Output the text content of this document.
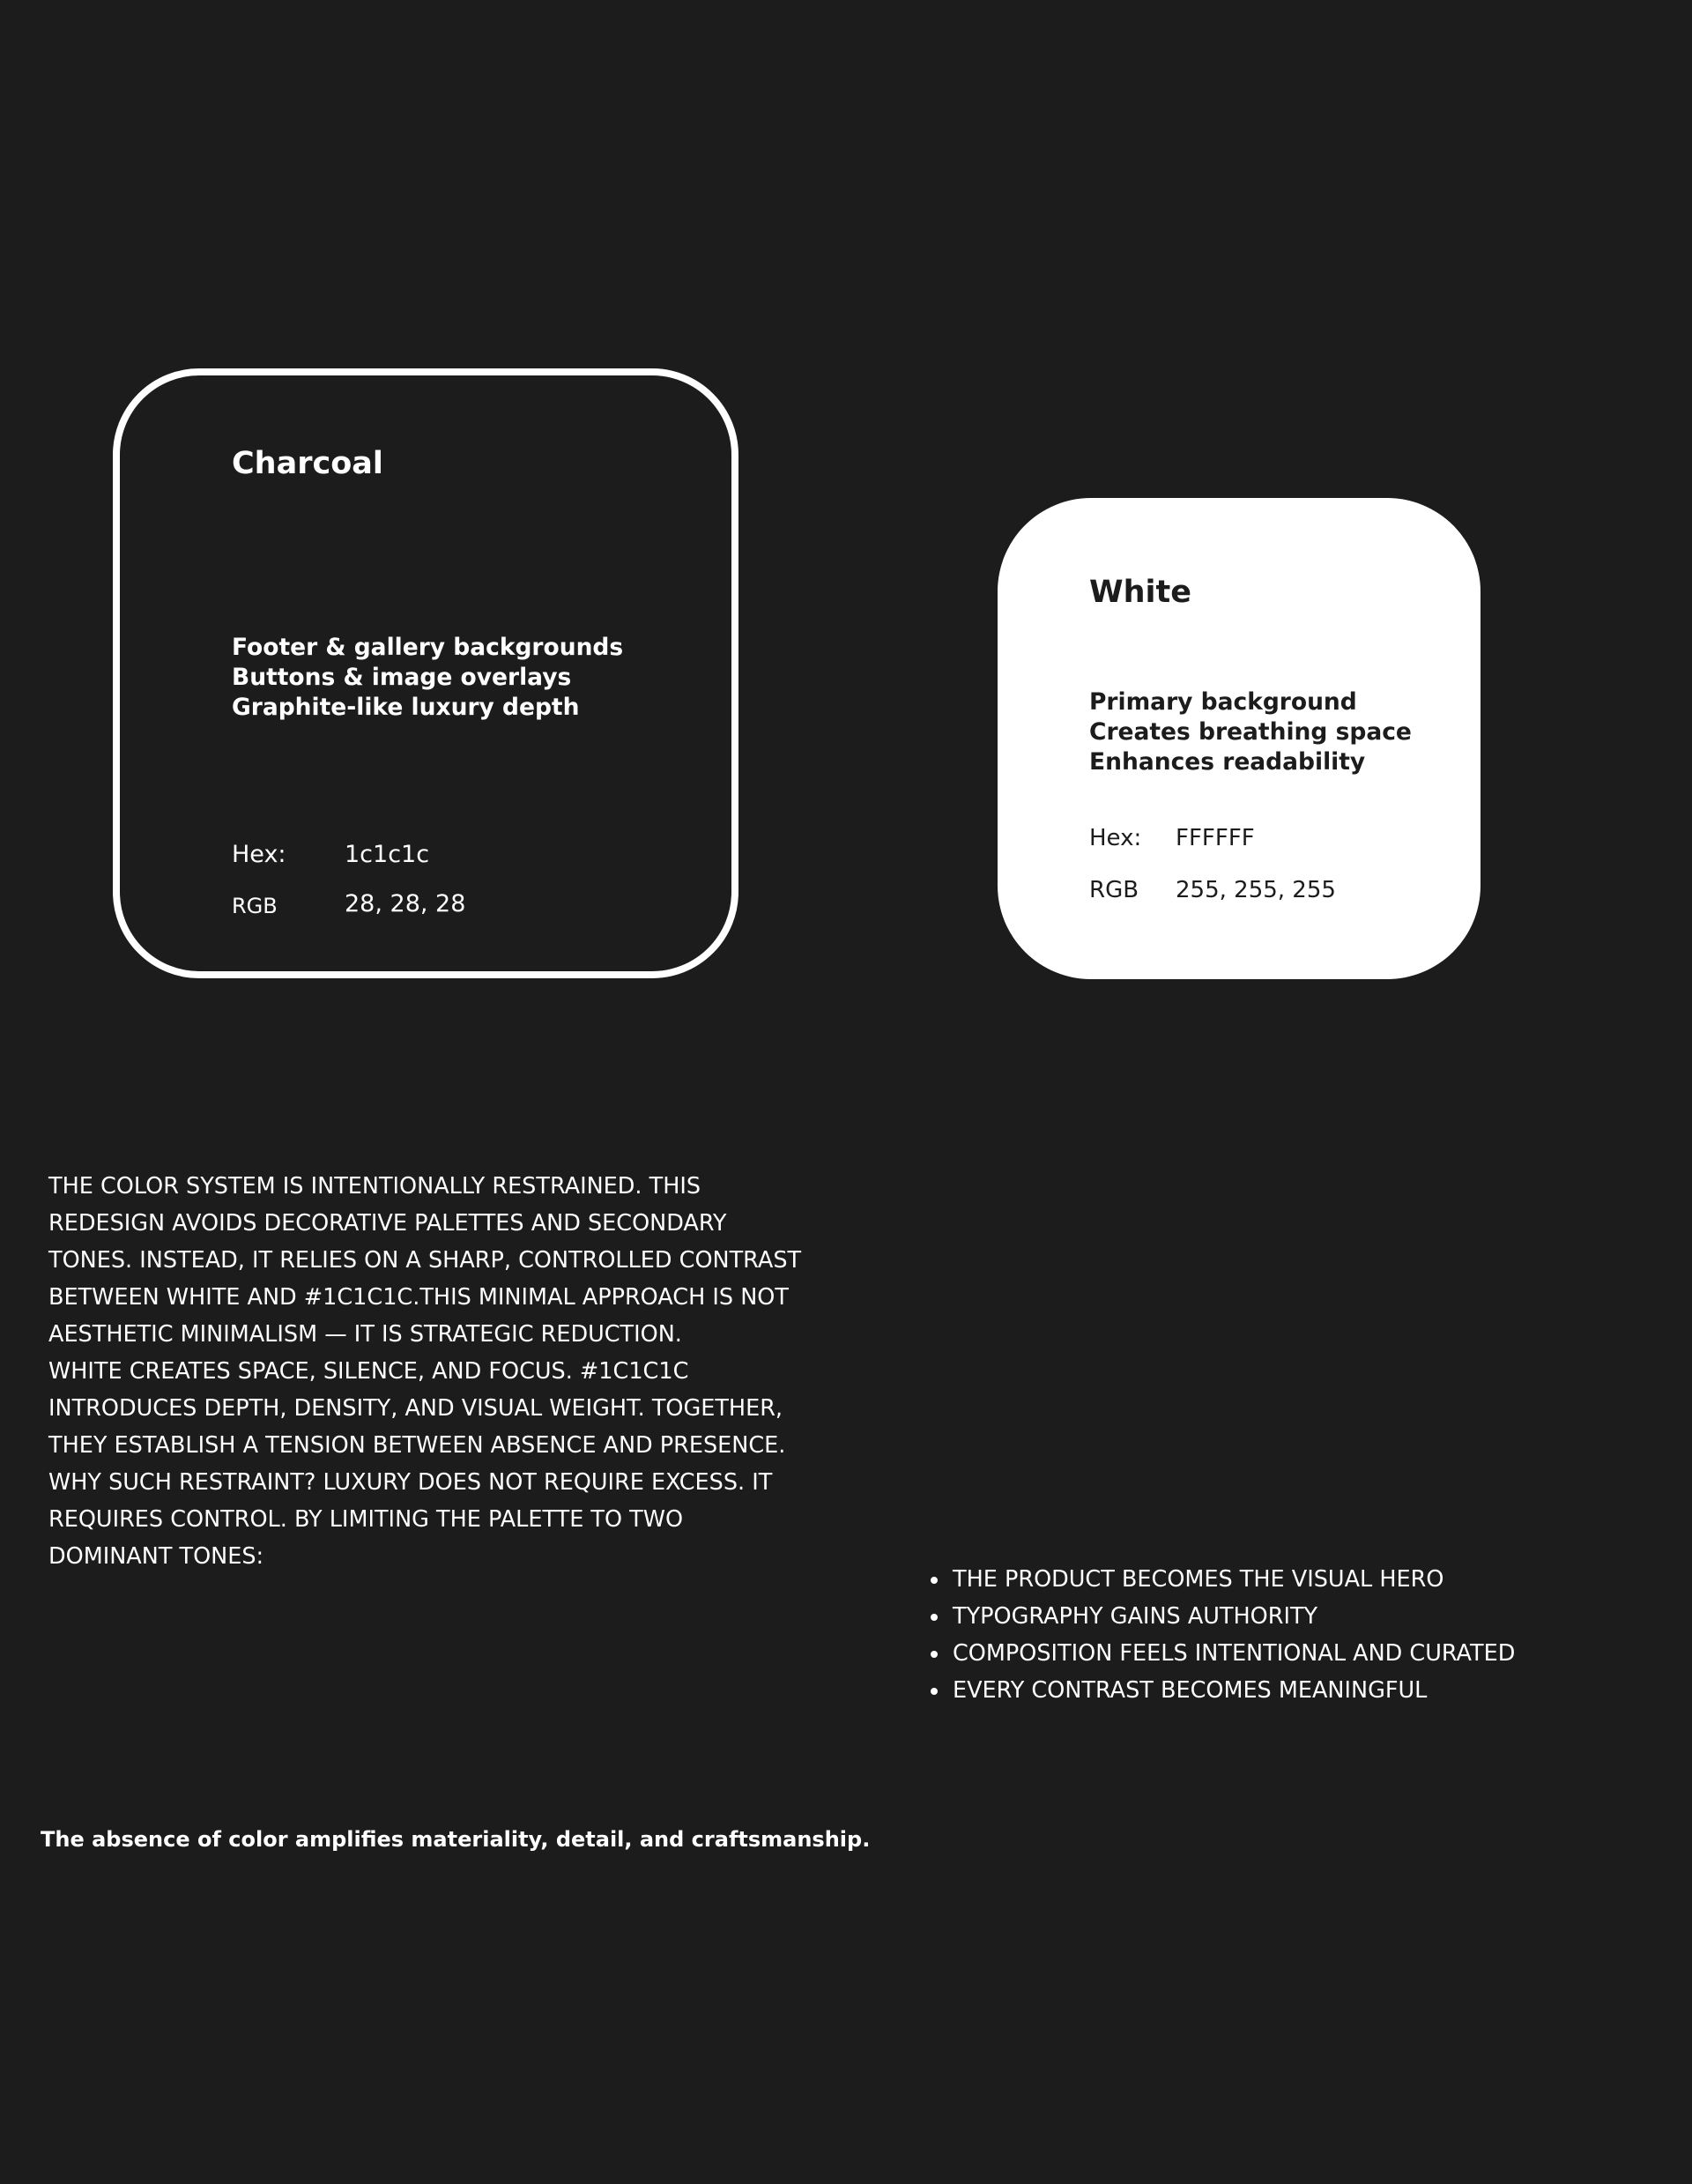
Charcoal
Footer & gallery backgrounds
Buttons & image overlays
Graphite-like luxury depth
Hex: 1c1c1c
RGB	28, 28, 28
White
Primary background
Creates breathing space
Enhances readability
Hex: FFFFFF
RGB 255, 255, 255
THE COLOR SYSTEM IS INTENTIONALLY RESTRAINED. THIS
REDESIGN AVOIDS DECORATIVE PALETTES AND SECONDARY
TONES. INSTEAD, IT RELIES ON A SHARP, CONTROLLED CONTRAST
BETWEEN WHITE AND #1C1C1C.THIS MINIMAL APPROACH IS NOT
AESTHETIC MINIMALISM — IT IS STRATEGIC REDUCTION.
WHITE CREATES SPACE, SILENCE, AND FOCUS. #1C1C1C
INTRODUCES DEPTH, DENSITY, AND VISUAL WEIGHT. TOGETHER,
THEY ESTABLISH A TENSION BETWEEN ABSENCE AND PRESENCE.
WHY SUCH RESTRAINT? LUXURY DOES NOT REQUIRE EXCESS. IT
REQUIRES CONTROL. BY LIMITING THE PALETTE TO TWO
DOMINANT TONES:
THE PRODUCT BECOMES THE VISUAL HERO
TYPOGRAPHY GAINS AUTHORITY
COMPOSITION FEELS INTENTIONAL AND CURATED
EVERY CONTRAST BECOMES MEANINGFUL

The absence of color amplifies materiality, detail, and craftsmanship.
